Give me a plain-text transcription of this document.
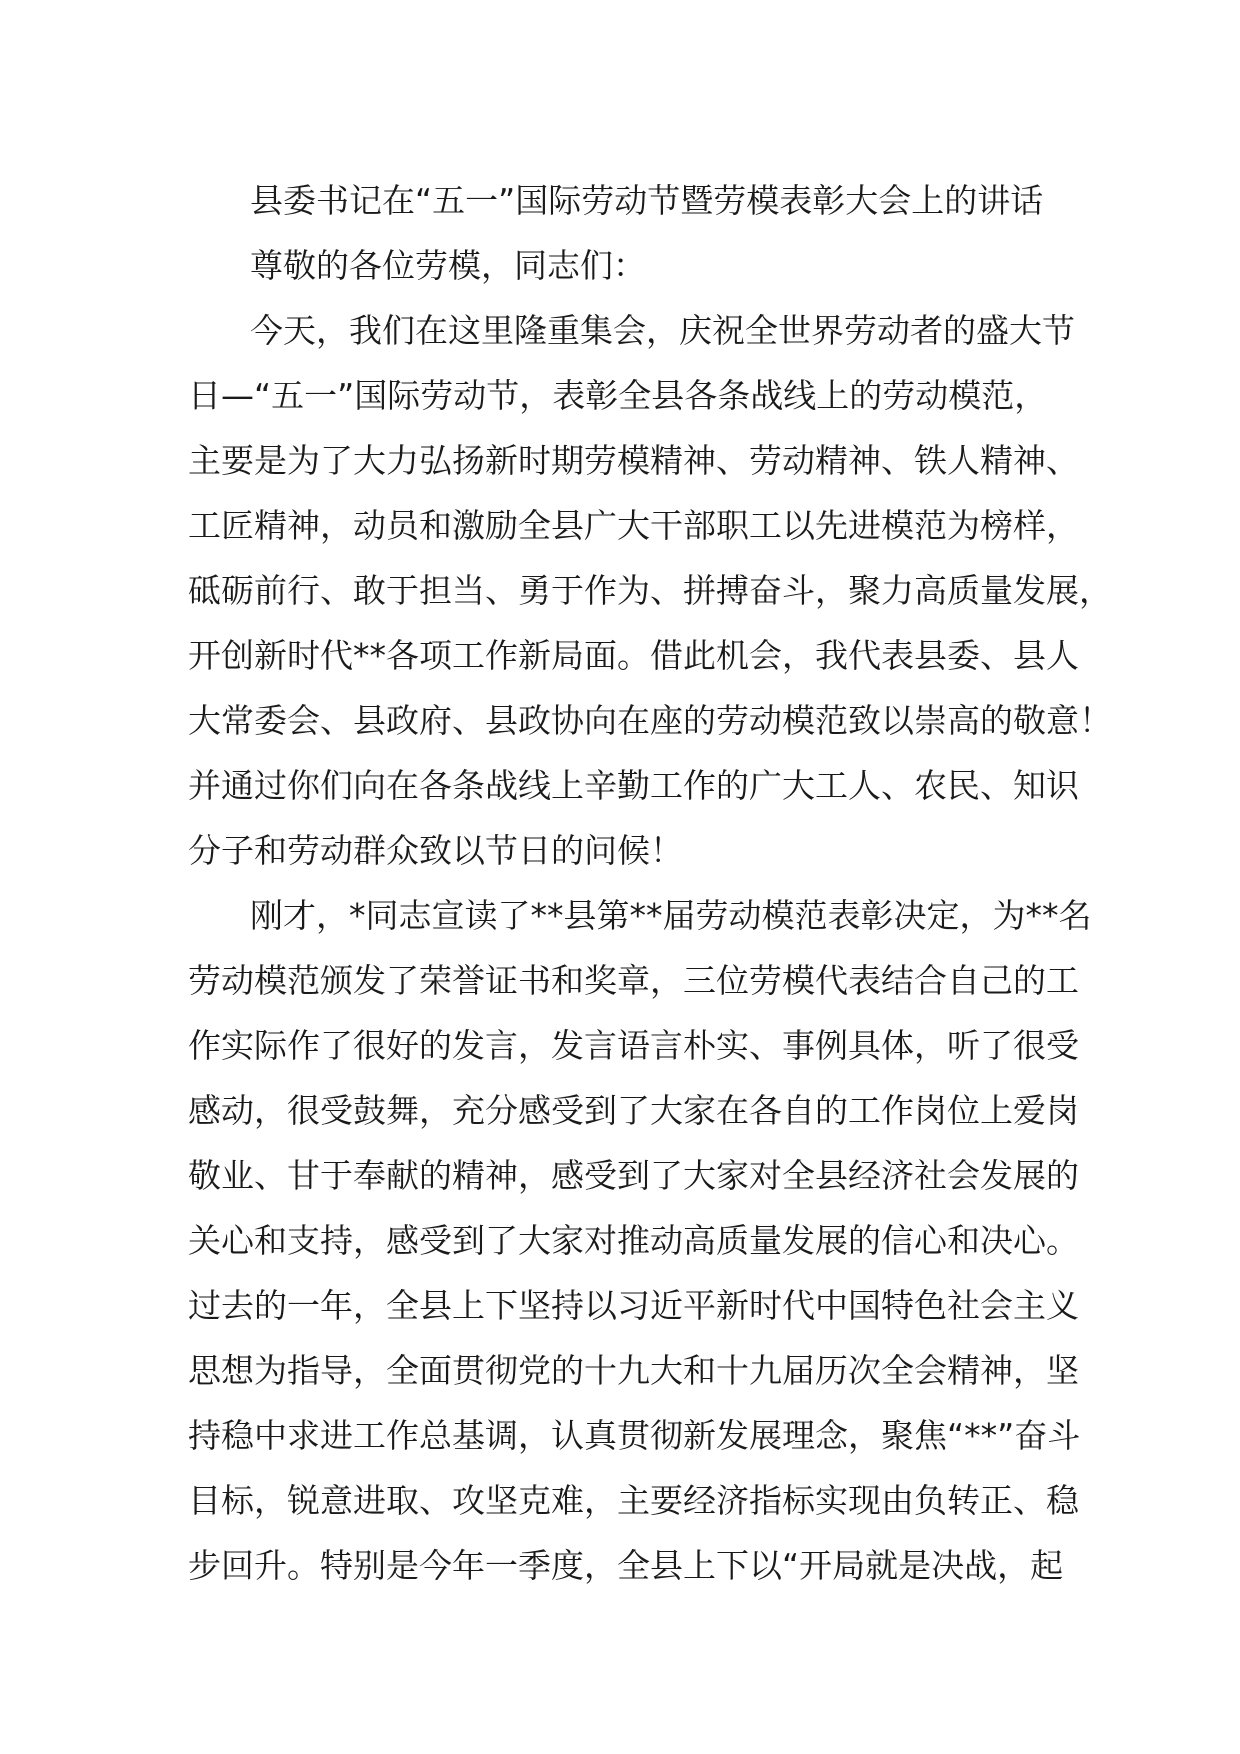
县委书记在“五一”国际劳动节暨劳模表彰大会上的讲话
尊敬的各位劳模，同志们：
今天，我们在这里隆重集会，庆祝全世界劳动者的盛大节
日—“五一”国际劳动节，表彰全县各条战线上的劳动模范，
主要是为了大力弘扬新时期劳模精神、劳动精神、铁人精神、
工匠精神，动员和激励全县广大干部职工以先进模范为榜样，
砥砺前行、敢于担当、勇于作为、拼搏奋斗，聚力高质量发展，
开创新时代**各项工作新局面。借此机会，我代表县委、县人
大常委会、县政府、县政协向在座的劳动模范致以崇高的敬意！
并通过你们向在各条战线上辛勤工作的广大工人、农民、知识
分子和劳动群众致以节日的问候！
刚才，*同志宣读了**县第**届劳动模范表彰决定，为**名
劳动模范颁发了荣誉证书和奖章，三位劳模代表结合自己的工
作实际作了很好的发言，发言语言朴实、事例具体，听了很受
感动，很受鼓舞，充分感受到了大家在各自的工作岗位上爱岗
敬业、甘于奉献的精神，感受到了大家对全县经济社会发展的
关心和支持，感受到了大家对推动高质量发展的信心和决心。
过去的一年，全县上下坚持以习近平新时代中国特色社会主义
思想为指导，全面贯彻党的十九大和十九届历次全会精神，坚
持稳中求进工作总基调，认真贯彻新发展理念，聚焦“**”奋斗
目标，锐意进取、攻坚克难，主要经济指标实现由负转正、稳
步回升。特别是今年一季度，全县上下以“开局就是决战，起
